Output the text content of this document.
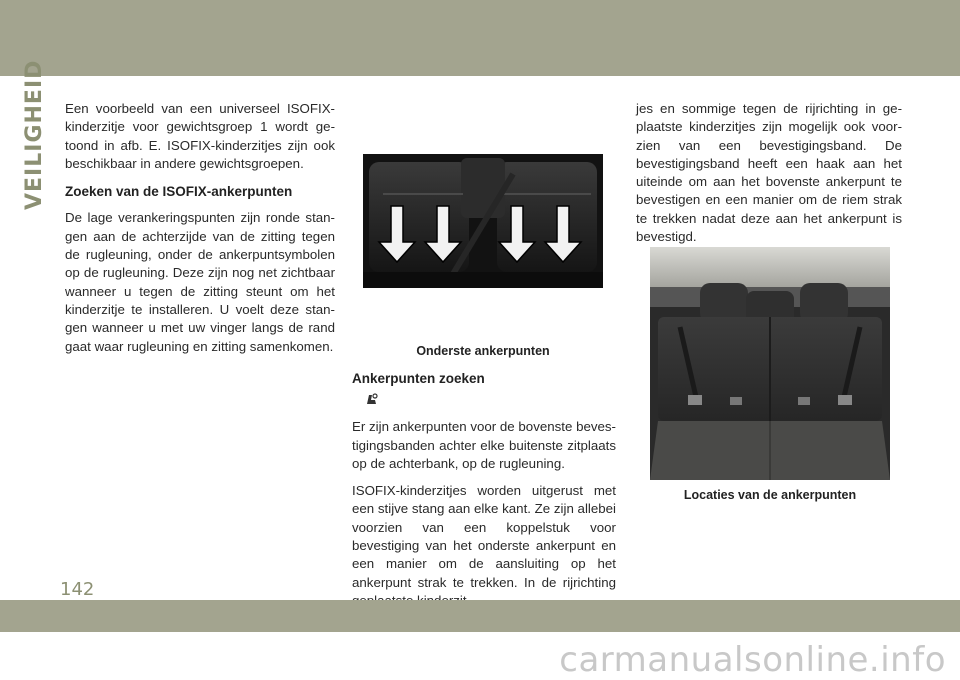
VEILIGHEID Een voorbeeld van een universeel ISOFIX-kinderzitje voor gewichtsgroep 1 wordt ge-toond in afb. E. ISOFIX-kinderzitjes zijn ook beschikbaar in andere gewichtsgroepen.

Zoeken van de ISOFIX-ankerpunten

De lage verankeringspunten zijn ronde stan-gen aan de achterzijde van de zitting tegen de rugleuning, onder de ankerpuntsymbolen op de rugleuning. Deze zijn nog net zichtbaar wanneer u tegen de zitting steunt om het kinderzitje te installeren. U voelt deze stan-gen wanneer u met uw vinger langs de rand gaat waar rugleuning en zitting samenkomen.	Onderste ankerpunten
Ankerpunten zoeken

Er zijn ankerpunten voor de bovenste beves-tigingsbanden achter elke buitenste zitplaats op de achterbank, op de rugleuning.

ISOFIX-kinderzitjes worden uitgerust met een stijve stang aan elke kant. Ze zijn allebei voorzien van een koppelstuk voor bevestiging van het onderste ankerpunt en een manier om de aansluiting op het ankerpunt strak te trekken. In de rijrichting

jes en sommige tegen de rijrichting in ge-plaatste kinderzitjes zijn mogelijk ook voor-zien van een bevestigingsband. De bevestigingsband heeft een haak aan het uiteinde om aan het bovenste ankerpunt te bevestigen en een manier om de riem strak te trekken nadat deze aan het ankerpunt is bevestigd.

Locaties van de ankerpunten
142
carmanualsonline.info
